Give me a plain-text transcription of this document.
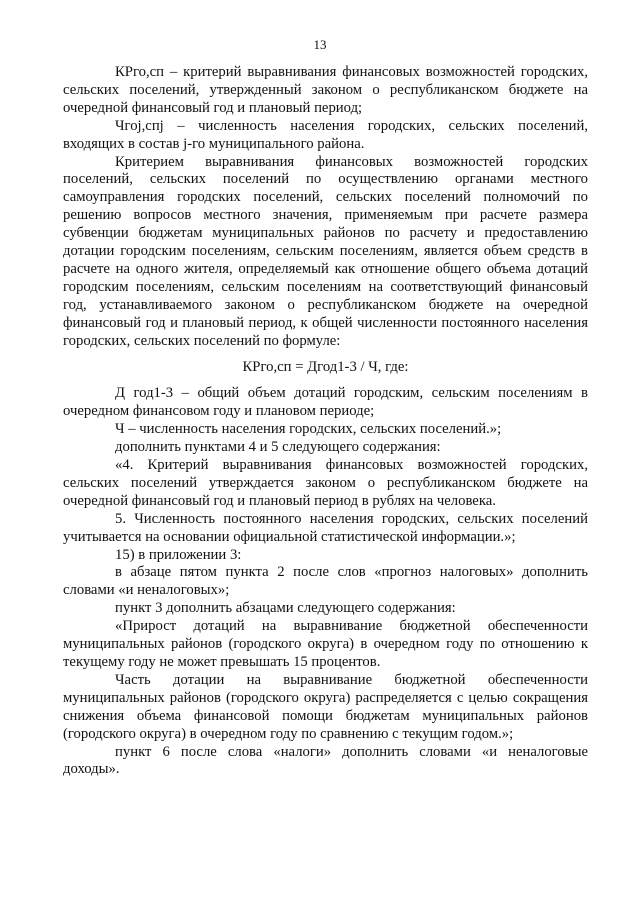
13

КРго,сп – критерий выравнивания финансовых возможностей городских, сельских поселений, утвержденный законом о республиканском бюджете на очередной финансовый год и плановый период;

Чгоj,спj – численность населения городских, сельских поселений, входящих в состав j-го муниципального района.

Критерием выравнивания финансовых возможностей городских поселений, сельских поселений по осуществлению органами местного самоуправления городских поселений, сельских поселений полномочий по решению вопросов местного значения, применяемым при расчете размера субвенции бюджетам муниципальных районов по расчету и предоставлению дотации городским поселениям, сельским поселениям, является объем средств в расчете на одного жителя, определяемый как отношение общего объема дотаций городским поселениям, сельским поселениям на соответствующий финансовый год, устанавливаемого законом о республиканском бюджете на очередной финансовый год и плановый период, к общей численности постоянного населения городских, сельских поселений по формуле:

КРго,сп = Дгод1-3 / Ч, где:

Д год1-3 – общий объем дотаций городским, сельским поселениям в очередном финансовом году и плановом периоде;

Ч – численность населения городских, сельских поселений.»;

дополнить пунктами 4 и 5 следующего содержания:

«4. Критерий выравнивания финансовых возможностей городских, сельских поселений утверждается законом о республиканском бюджете на очередной финансовый год и плановый период в рублях на человека.

5. Численность постоянного населения городских, сельских поселений учитывается на основании официальной статистической информации.»;

15) в приложении 3:

в абзаце пятом пункта 2 после слов «прогноз налоговых» дополнить словами «и неналоговых»;

пункт 3 дополнить абзацами следующего содержания:

«Прирост дотаций на выравнивание бюджетной обеспеченности муниципальных районов (городского округа) в очередном году по отношению к текущему году не может превышать 15 процентов.

Часть дотации на выравнивание бюджетной обеспеченности муниципальных районов (городского округа) распределяется с целью сокращения снижения объема финансовой помощи бюджетам муниципальных районов (городского округа) в очередном году по сравнению с текущим годом.»;

пункт 6 после слова «налоги» дополнить словами «и неналоговые доходы».
